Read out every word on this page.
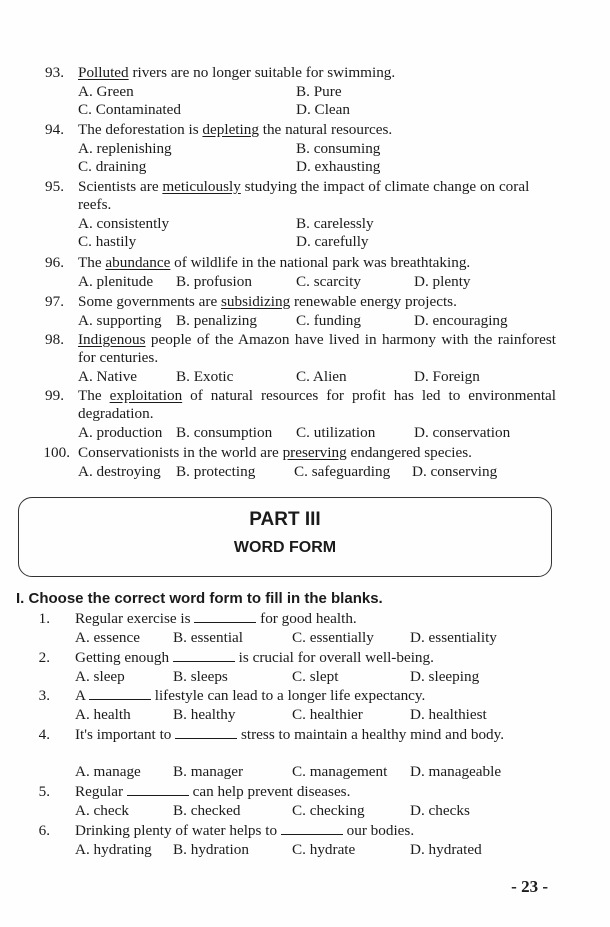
93. Polluted rivers are no longer suitable for swimming.
A. Green	B. Pure
C. Contaminated	D. Clean
94. The deforestation is depleting the natural resources.
A. replenishing	B. consuming
C. draining	D. exhausting
95. Scientists are meticulously studying the impact of climate change on coral reefs.
A. consistently	B. carelessly
C. hastily	D. carefully
96. The abundance of wildlife in the national park was breathtaking.
A. plenitude B. profusion	C. scarcity	D. plenty
97. Some governments are subsidizing renewable energy projects.
A. supporting B. penalizing	C. funding	D. encouraging
98. Indigenous people of the Amazon have lived in harmony with the rainforest for centuries.
A. Native	B. Exotic	C. Alien	D. Foreign
99. The exploitation of natural resources for profit has led to environmental degradation.
A. production B. consumption C. utilization	D. conservation
100. Conservationists in the world are preserving endangered species.
A. destroying B. protecting	C. safeguarding D. conserving
PART III
WORD FORM
I. Choose the correct word form to fill in the blanks.
1. Regular exercise is	for good health.
A. essence B. essential	C. essentially D. essentiality
2. Getting enough	is crucial for overall well-being.
A. sleep	B. sleeps	C. slept	D. sleeping
3. A	lifestyle can lead to a longer life expectancy.
A. health	B. healthy	C. healthier	D. healthiest
4. It's important to	stress to maintain a healthy mind and body.
A. manage B. manager	C. management D. manageable
5. Regular	can help prevent diseases.
A. check	B. checked	C. checking	D. checks
6. Drinking plenty of water helps to	our bodies.
A. hydrating B. hydration	C. hydrate	D. hydrated
- 23 -
